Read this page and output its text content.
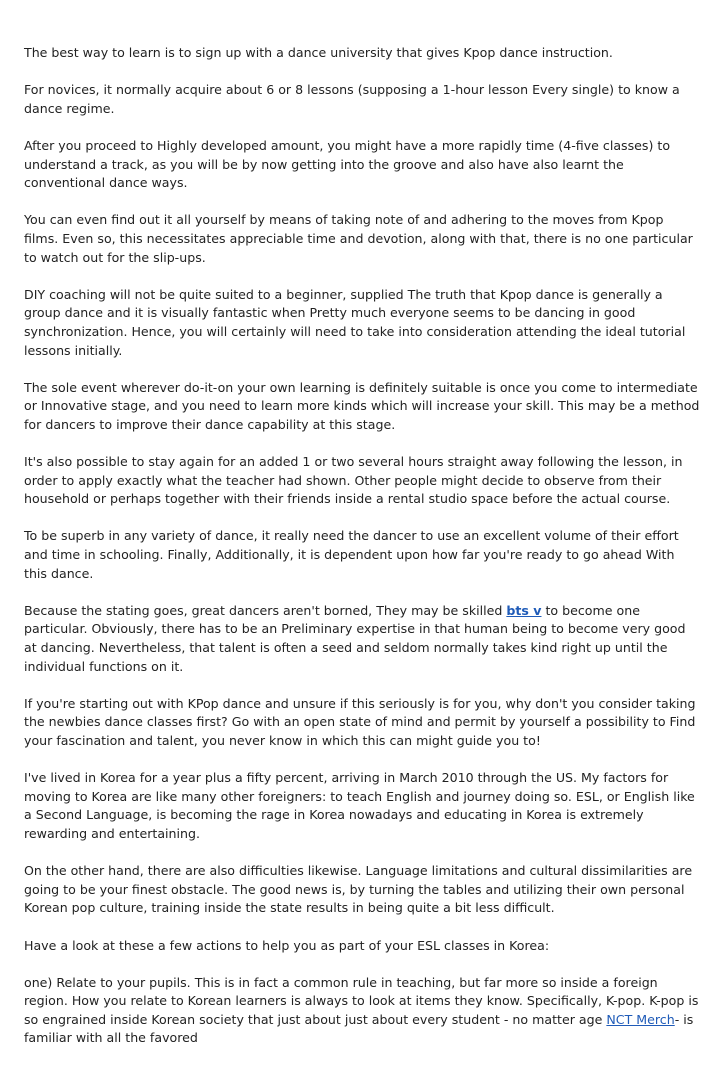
The best way to learn is to sign up with a dance university that gives Kpop dance instruction.

For novices, it normally acquire about 6 or 8 lessons (supposing a 1-hour lesson Every single) to know a dance regime.

After you proceed to Highly developed amount, you might have a more rapidly time (4-five classes) to understand a track, as you will be by now getting into the groove and also have also learnt the conventional dance ways.

You can even find out it all yourself by means of taking note of and adhering to the moves from Kpop films. Even so, this necessitates appreciable time and devotion, along with that, there is no one particular to watch out for the slip-ups.

DIY coaching will not be quite suited to a beginner, supplied The truth that Kpop dance is generally a group dance and it is visually fantastic when Pretty much everyone seems to be dancing in good synchronization. Hence, you will certainly will need to take into consideration attending the ideal tutorial lessons initially.

The sole event wherever do-it-on your own learning is definitely suitable is once you come to intermediate or Innovative stage, and you need to learn more kinds which will increase your skill. This may be a method for dancers to improve their dance capability at this stage.

It's also possible to stay again for an added 1 or two several hours straight away following the lesson, in order to apply exactly what the teacher had shown. Other people might decide to observe from their household or perhaps together with their friends inside a rental studio space before the actual course.

To be superb in any variety of dance, it really need the dancer to use an excellent volume of their effort and time in schooling. Finally, Additionally, it is dependent upon how far you're ready to go ahead With this dance.

Because the stating goes, great dancers aren't borned, They may be skilled bts v to become one particular. Obviously, there has to be an Preliminary expertise in that human being to become very good at dancing. Nevertheless, that talent is often a seed and seldom normally takes kind right up until the individual functions on it.

If you're starting out with KPop dance and unsure if this seriously is for you, why don't you consider taking the newbies dance classes first? Go with an open state of mind and permit by yourself a possibility to Find your fascination and talent, you never know in which this can might guide you to!

I've lived in Korea for a year plus a fifty percent, arriving in March 2010 through the US. My factors for moving to Korea are like many other foreigners: to teach English and journey doing so. ESL, or English like a Second Language, is becoming the rage in Korea nowadays and educating in Korea is extremely rewarding and entertaining.

On the other hand, there are also difficulties likewise. Language limitations and cultural dissimilarities are going to be your finest obstacle. The good news is, by turning the tables and utilizing their own personal Korean pop culture, training inside the state results in being quite a bit less difficult.

Have a look at these a few actions to help you as part of your ESL classes in Korea:

one) Relate to your pupils. This is in fact a common rule in teaching, but far more so inside a foreign region. How you relate to Korean learners is always to look at items they know. Specifically, K-pop. K-pop is so engrained inside Korean society that just about just about every student - no matter age NCT Merch- is familiar with all the favored
